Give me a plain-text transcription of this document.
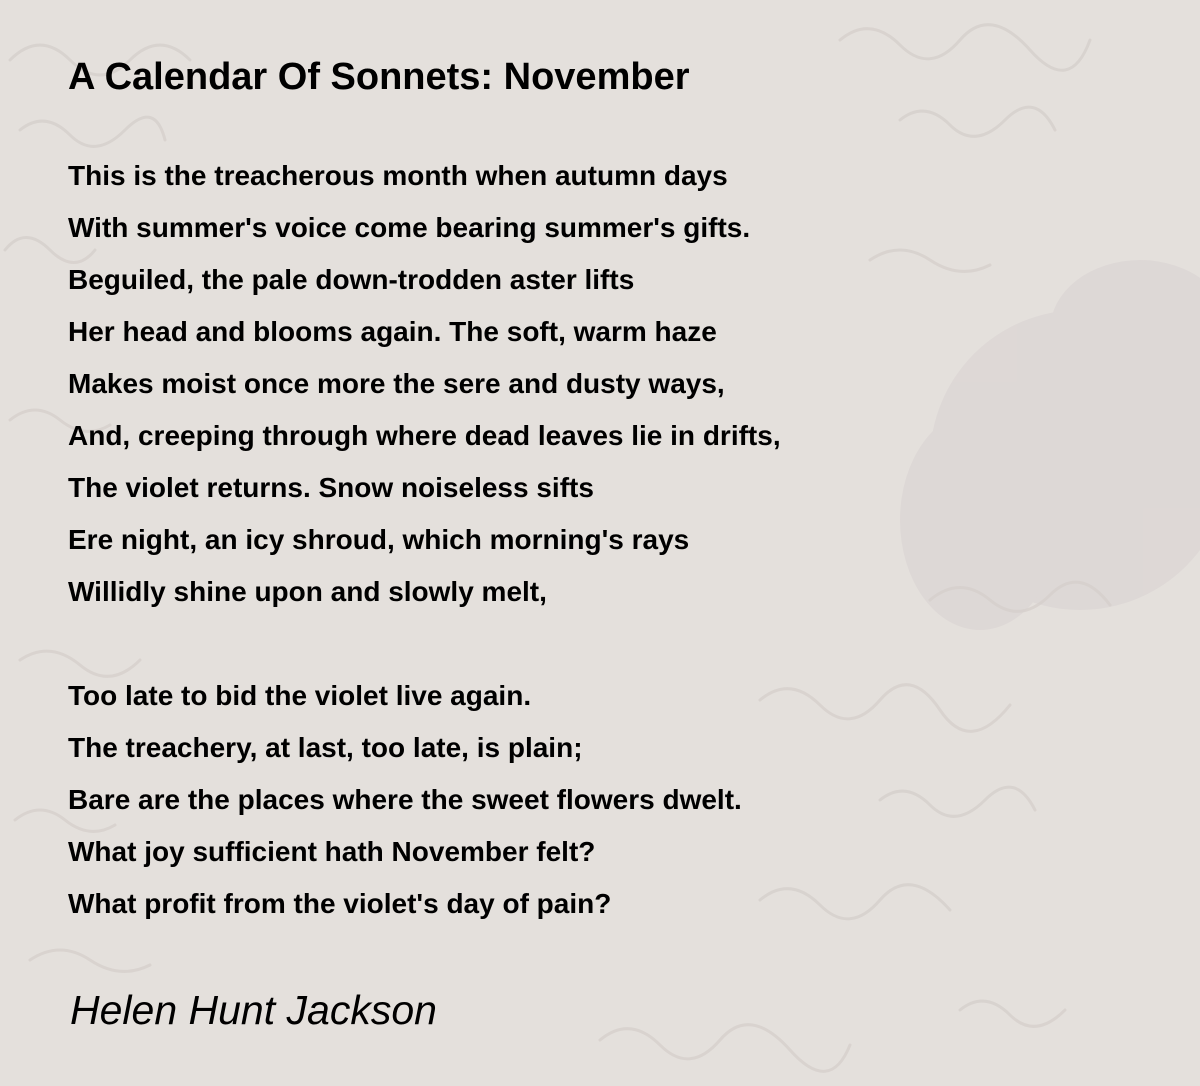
A Calendar Of Sonnets: November
This is the treacherous month when autumn days
With summer's voice come bearing summer's gifts.
Beguiled, the pale down-trodden aster lifts
Her head and blooms again. The soft, warm haze
Makes moist once more the sere and dusty ways,
And, creeping through where dead leaves lie in drifts,
The violet returns. Snow noiseless sifts
Ere night, an icy shroud, which morning's rays
Willidly shine upon and slowly melt,
Too late to bid the violet live again.
The treachery, at last, too late, is plain;
Bare are the places where the sweet flowers dwelt.
What joy sufficient hath November felt?
What profit from the violet's day of pain?
Helen Hunt Jackson
